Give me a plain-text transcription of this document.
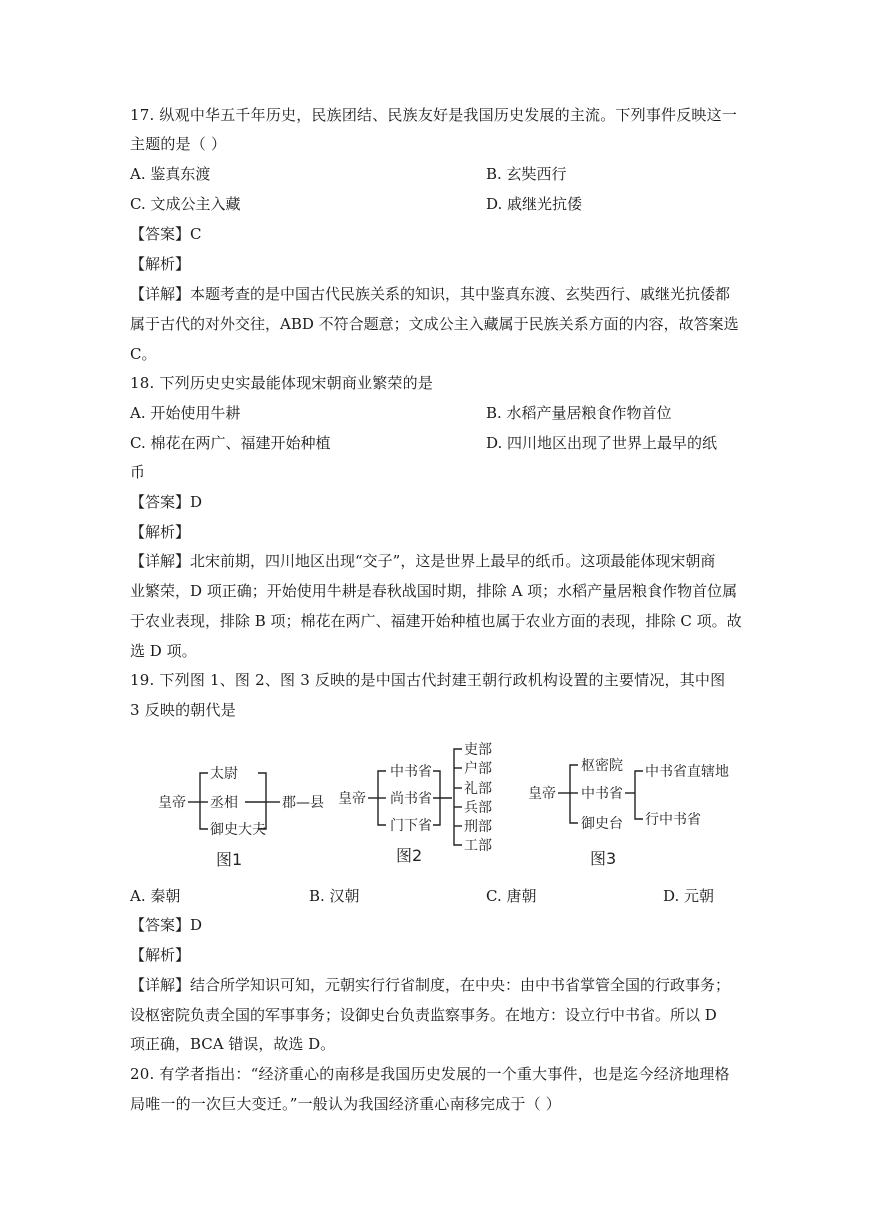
17. 纵观中华五千年历史，民族团结、民族友好是我国历史发展的主流。下列事件反映这一
主题的是（ ）
A. 鉴真东渡	B. 玄奘西行
C. 文成公主入藏	D. 戚继光抗倭
【答案】C
【解析】
【详解】本题考查的是中国古代民族关系的知识，其中鉴真东渡、玄奘西行、戚继光抗倭都
属于古代的对外交往，ABD 不符合题意；文成公主入藏属于民族关系方面的内容，故答案选
C。
18. 下列历史史实最能体现宋朝商业繁荣的是
A. 开始使用牛耕	B. 水稻产量居粮食作物首位
C. 棉花在两广、福建开始种植	D. 四川地区出现了世界上最早的纸
币
【答案】D
【解析】
【详解】北宋前期，四川地区出现“交子”，这是世界上最早的纸币。这项最能体现宋朝商
业繁荣，D 项正确；开始使用牛耕是春秋战国时期，排除 A 项；水稻产量居粮食作物首位属
于农业表现，排除 B 项；棉花在两广、福建开始种植也属于农业方面的表现，排除 C 项。故
选 D 项。
19. 下列图 1、图 2、图 3 反映的是中国古代封建王朝行政机构设置的主要情况，其中图
3 反映的朝代是
皇帝
太尉
丞相
御史大夫
郡—县
图1
皇帝
中书省
尚书省
门下省
吏部
户部
礼部
兵部
刑部
工部
图2
皇帝
枢密院
中书省
御史台
中书省直辖地
行中书省
图3
A. 秦朝	B. 汉朝	C. 唐朝	D. 元朝
【答案】D
【解析】
【详解】结合所学知识可知，元朝实行行省制度，在中央：由中书省掌管全国的行政事务；
设枢密院负责全国的军事事务；设御史台负责监察事务。在地方：设立行中书省。所以 D
项正确，BCA 错误，故选 D。
20. 有学者指出：“经济重心的南移是我国历史发展的一个重大事件，也是迄今经济地理格
局唯一的一次巨大变迁。”一般认为我国经济重心南移完成于（ ）
